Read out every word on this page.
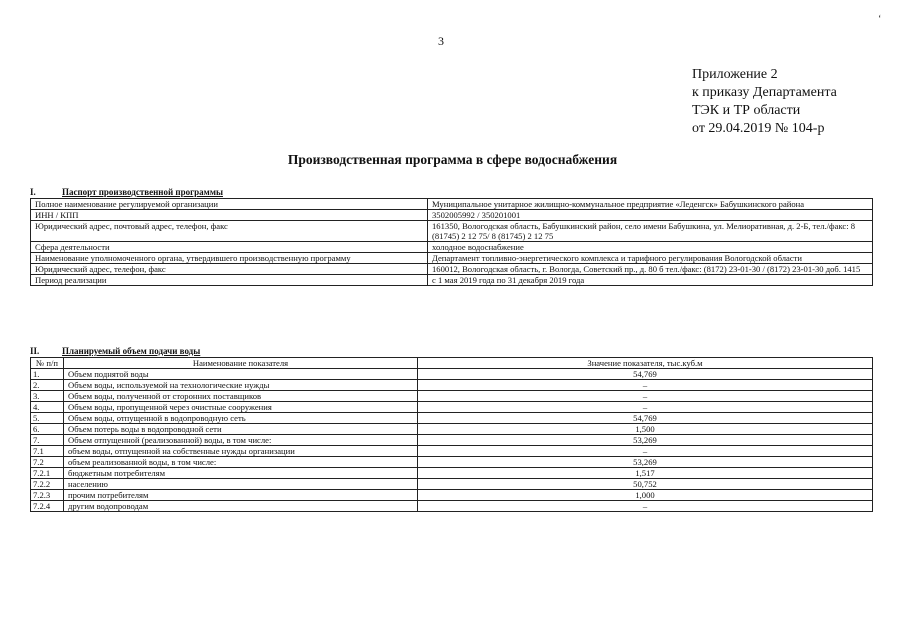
3
ʻ
Приложение 2
к приказу Департамента
ТЭК и ТР области
от 29.04.2019 № 104-р
Производственная программа в сфере водоснабжения
I.	Паспорт производственной программы
Полное наименование регулируемой организации	Муниципальное унитарное жилищно-коммунальное предприятие «Леденгск» Бабушкинского района
ИНН / КПП	3502005992 / 350201001
Юридический адрес, почтовый адрес, телефон, факс	161350, Вологодская область, Бабушкинский район, село имени Бабушкина, ул. Мелиоративная, д. 2-Б, тел./факс: 8 (81745) 2 12 75/ 8 (81745) 2 12 75
Сфера деятельности	холодное водоснабжение
Наименование уполномоченного органа, утвердившего производственную программу	Департамент топливно-энергетического комплекса и тарифного регулирования Вологодской области
Юридический адрес, телефон, факс	160012, Вологодская область, г. Вологда, Советский пр., д. 80 б тел./факс: (8172) 23-01-30 / (8172) 23-01-30 доб. 1415
Период реализации	с 1 мая 2019 года по 31 декабря 2019 года
II.	Планируемый объем подачи воды
№ п/п	Наименование показателя	Значение показателя, тыс.куб.м
1.	Объем поднятой воды	54,769
2.	Объем воды, используемой на технологические нужды	–
3.	Объем воды, полученной от сторонних поставщиков	–
4.	Объем воды, пропущенной через очистные сооружения	–
5.	Объем воды, отпущенной в водопроводную сеть	54,769
6.	Объем потерь воды в водопроводной сети	1,500
7.	Объем отпущенной (реализованной) воды, в том числе:	53,269
7.1	объем воды, отпущенной на собственные нужды организации	–
7.2	объем реализованной воды, в том числе:	53,269
7.2.1	бюджетным потребителям	1,517
7.2.2	населению	50,752
7.2.3	прочим потребителям	1,000
7.2.4	другим водопроводам	–
